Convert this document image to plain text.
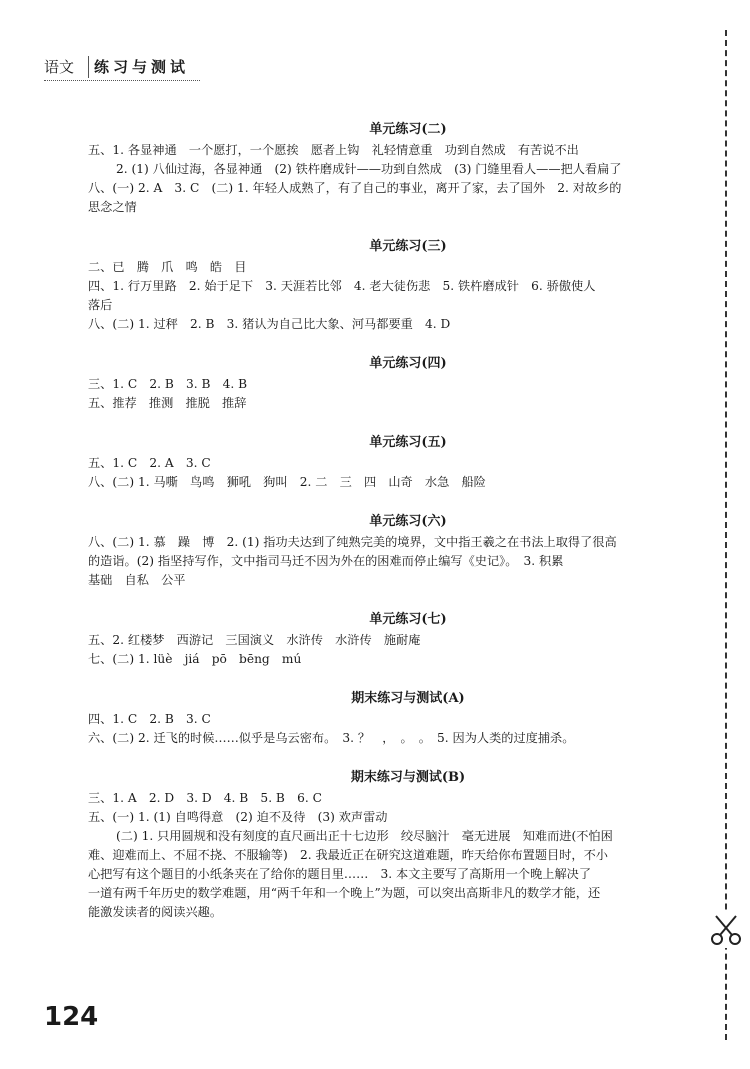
语文 练习与测试
单元练习(二)
五、1. 各显神通　一个愿打，一个愿挨　愿者上钩　礼轻情意重　功到自然成　有苦说不出
2. (1) 八仙过海，各显神通　(2) 铁杵磨成针——功到自然成　(3) 门缝里看人——把人看扁了
八、(一) 2. A　3. C　(二) 1. 年轻人成熟了，有了自己的事业，离开了家，去了国外　2. 对故乡的
思念之情
单元练习(三)
二、已　腾　爪　鸣　皓　目
四、1. 行万里路　2. 始于足下　3. 天涯若比邻　4. 老大徒伤悲　5. 铁杵磨成针　6. 骄傲使人
落后
八、(二) 1. 过秤　2. B　3. 猪认为自己比大象、河马都要重　4. D
单元练习(四)
三、1. C　2. B　3. B　4. B
五、推荐　推测　推脱　推辞
单元练习(五)
五、1. C　2. A　3. C
八、(二) 1. 马嘶　鸟鸣　狮吼　狗叫　2. 二　三　四　山奇　水急　船险
单元练习(六)
八、(二) 1. 慕　躁　博　2. (1) 指功夫达到了纯熟完美的境界，文中指王羲之在书法上取得了很高
的造诣。(2) 指坚持写作，文中指司马迁不因为外在的困难而停止编写《史记》。　3. 积累
基础　自私　公平
单元练习(七)
五、2. 红楼梦　西游记　三国演义　水浒传　水浒传　施耐庵
七、(二) 1. lüè　jiá　pō　bēng　mú
期末练习与测试(A)
四、1. C　2. B　3. C
六、(二) 2. 迁飞的时候……似乎是乌云密布。　3. ？　，　。　。　5. 因为人类的过度捕杀。
期末练习与测试(B)
三、1. A　2. D　3. D　4. B　5. B　6. C
五、(一) 1. (1) 自鸣得意　(2) 迫不及待　(3) 欢声雷动
(二) 1. 只用圆规和没有刻度的直尺画出正十七边形　绞尽脑汁　毫无进展　知难而进(不怕困
难、迎难而上、不屈不挠、不服输等)　2. 我最近正在研究这道难题，昨天给你布置题目时，不小
心把写有这个题目的小纸条夹在了给你的题目里……　3. 本文主要写了高斯用一个晚上解决了
一道有两千年历史的数学难题，用“两千年和一个晚上”为题，可以突出高斯非凡的数学才能，还
能激发读者的阅读兴趣。
124
